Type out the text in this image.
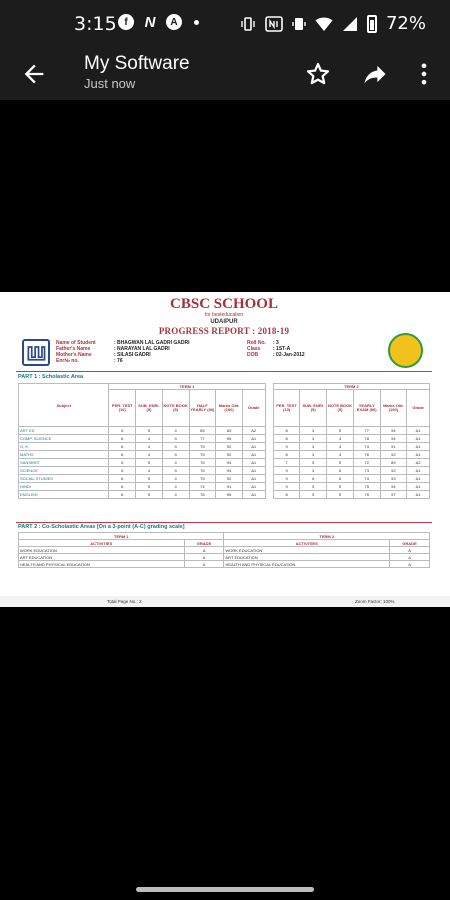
3:15 f	N	A	72%
My Software
Just now
CBSC SCHOOL
for besteducation
UDAIPUR
PROGRESS REPORT : 2018-19
Name of Student	: BHAGWAN LAL GADRI GADRI
Father's Name	: NARAYAN LAL GADRI
Mother's Name	: SILASI GADRI
Enr№ no.	: 76
Roll No. : 3
Class	: 1ST-A
DOB	: 02-Jan-2012
PART 1 : Scholastic Area
Subject	TERM 1							TERM 2					
	PER. TEST (10)	SUB. ENRI. (5)	NOTE BOOK (5)	HALF YEARLY (80)	Marks Obt. (100)	Grade		PER. TEST (10)	SUB. ENRI. (5)	NOTE BOOK (5)	YEARLY EXAM (80)	Marks Obt. (100)	Grade
ART ED	9	5	4	65	83	A2		8	4	5	77	94	A1
COMP. SCIENCE	8	4	5	77	95	A1		8	4	4	78	94	A1
G. K.	8	4	5	75	92	A1		9	4	4	74	91	A1
MATHS	8	4	5	75	92	A1		8	4	4	76	92	A1
SANSKRIT	9	5	4	76	94	A1		7	5	5	72	89	A2
SCIENCE	9	4	5	76	94	A1		9	4	6	73	92	A1
SOCIAL STUDIES	8	5	4	75	92	A1		9	6	6	74	93	A1
HINDI	8	5	4	74	91	A1		9	5	5	75	94	A1
ENGLISH	8	5	4	78	95	A1		8	5	5	79	97	A1
PART 2 : Co-Scholastic Areas [On a 3-point (A-C) grading scale]
TERM 1		TERM 2	
ACTIVITIES	GRADE	ACTIVITIES	GRADE
WORK EDUCATION	A	WORK EDUCATION	A
ART EDUCATION	A	ART EDUCATION	A
HEALTH AND PHYSICAL EDUCATION	A	HEALTH AND PHYSICAL EDUCATION	A
Total Page No.: 2	Zoom Factor: 100%
